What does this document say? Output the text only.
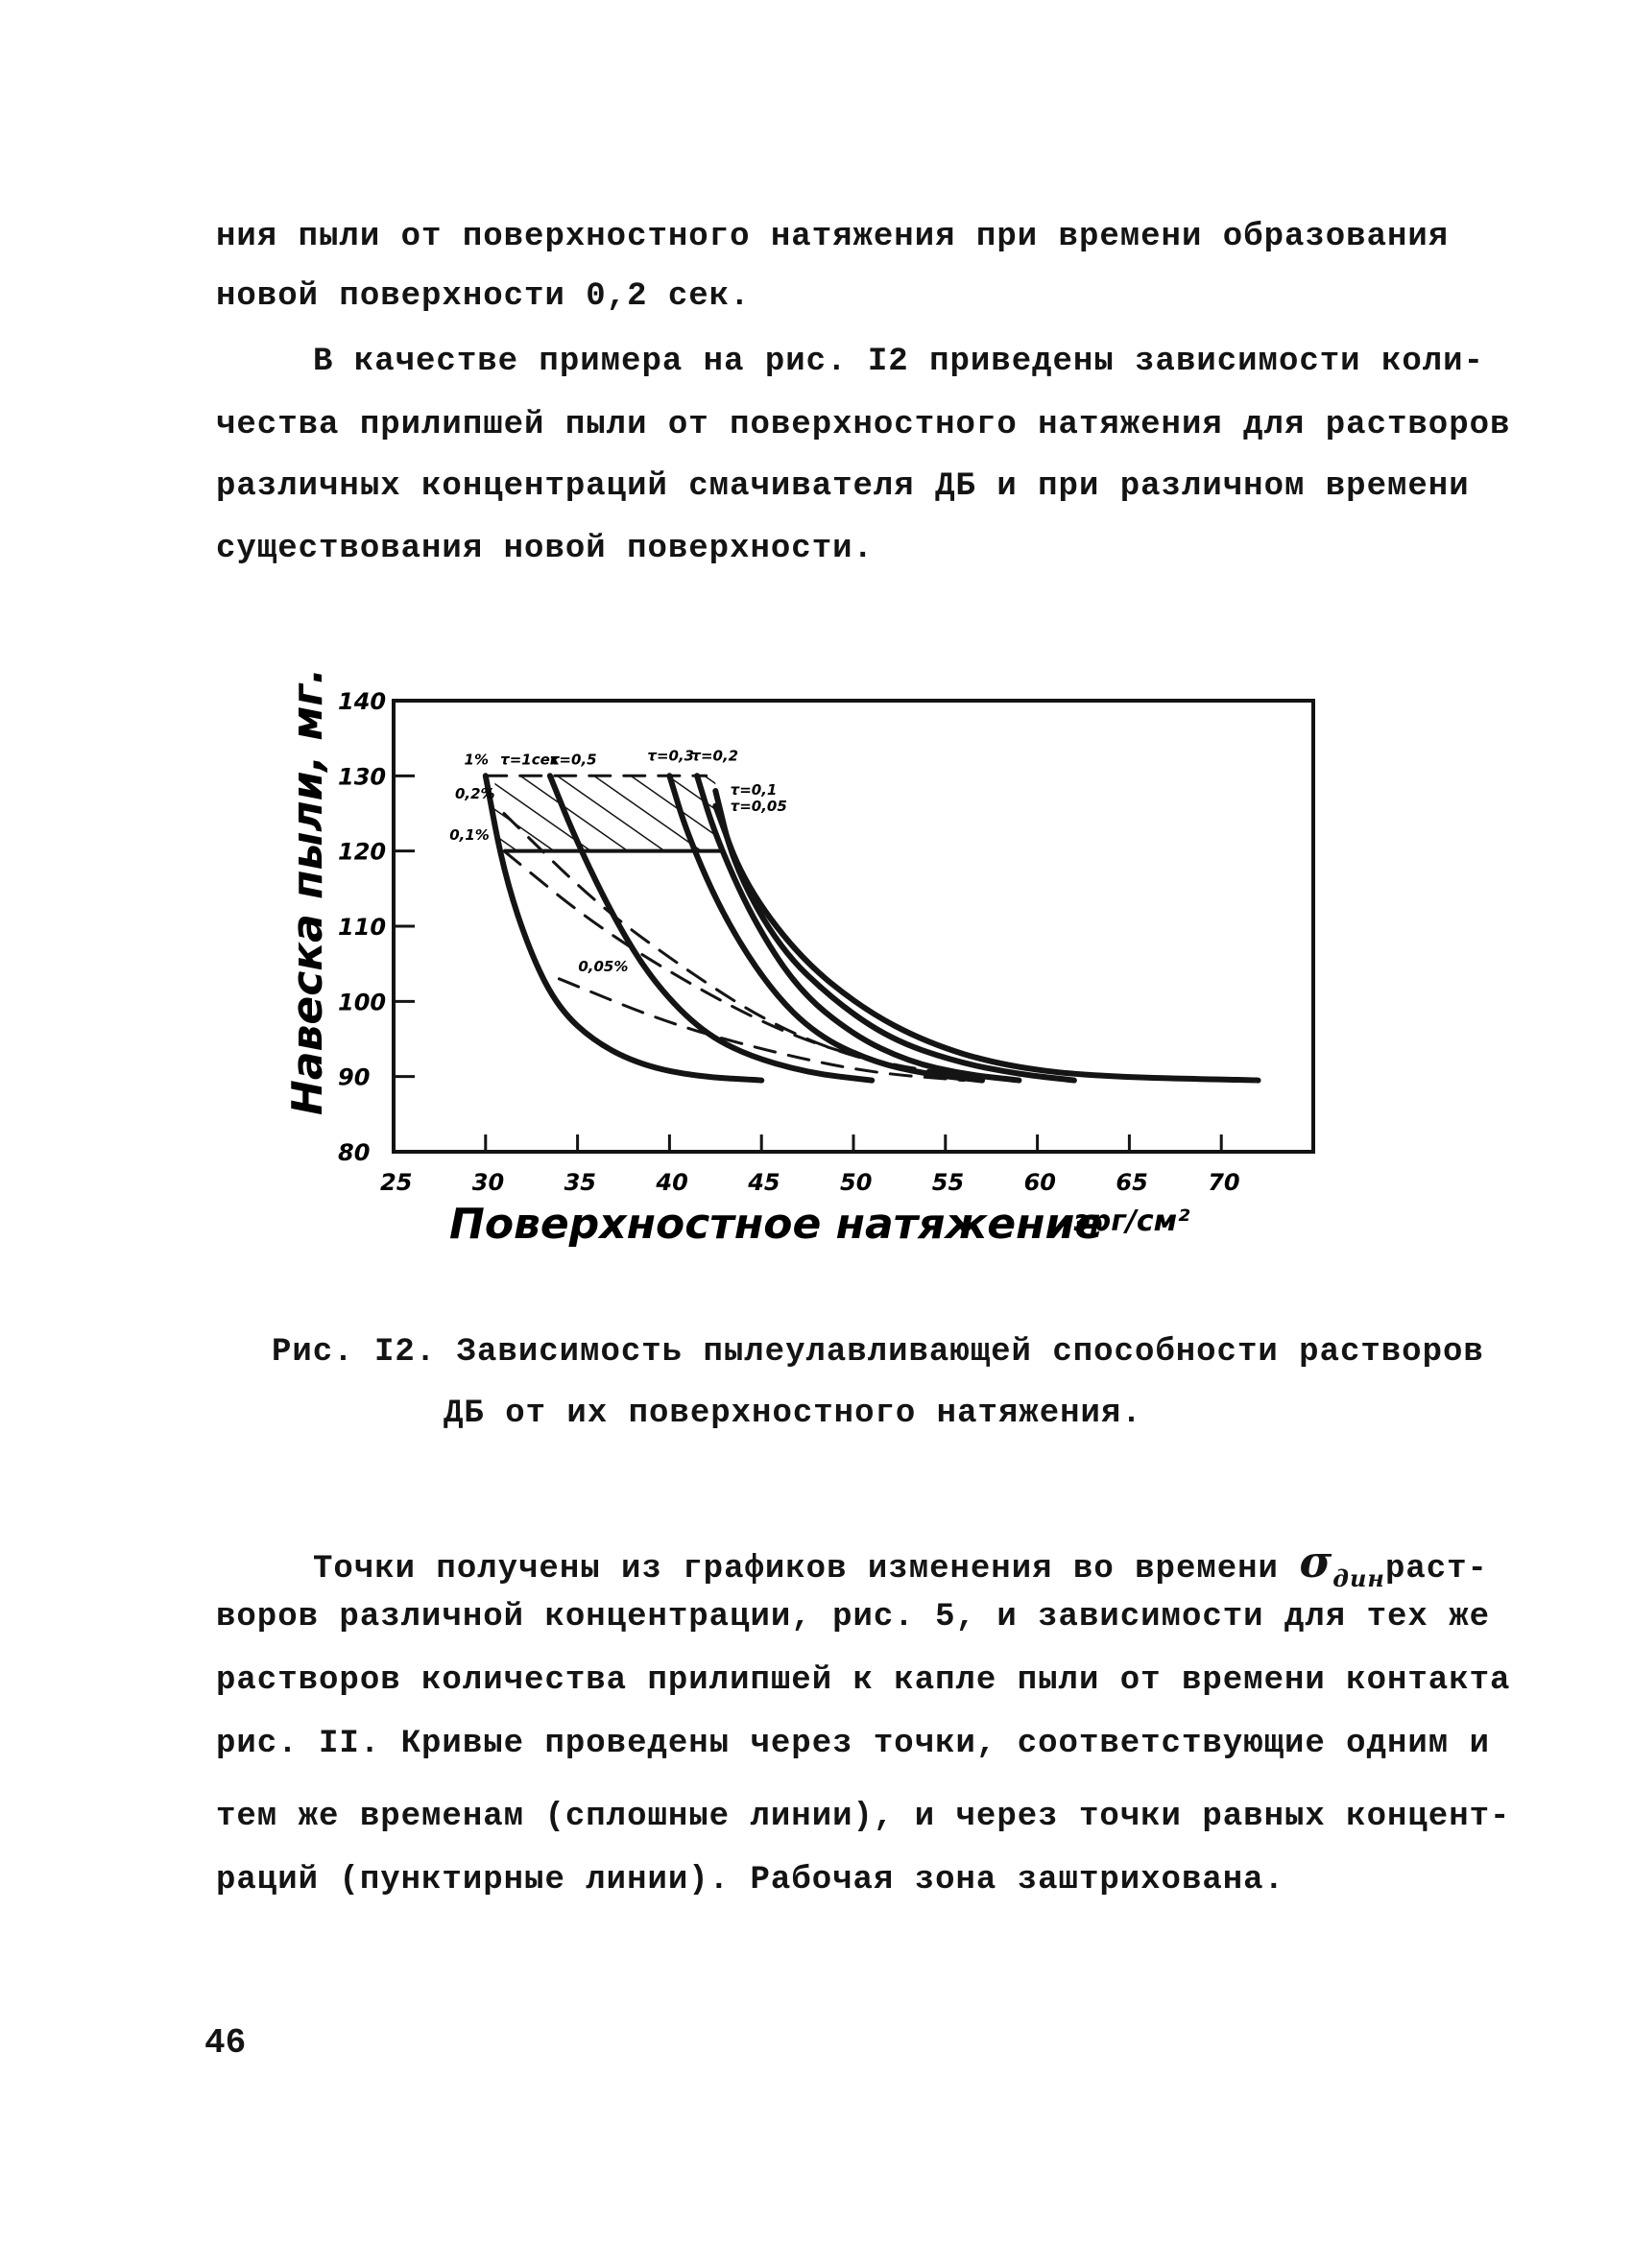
ния пыли от поверхностного натяжения при времени образования
новой поверхности 0,2 сек.
В качестве примера на рис. I2 приведены зависимости коли-
чества прилипшей пыли от поверхностного натяжения для растворов
различных концентраций смачивателя ДБ и при различном времени
существования новой поверхности.
25	30	35	40	45	50	55	60	65	70
80
90
100
110
120
130
140
1%
0,2%
0,1%
0,05%
τ=1сек
τ=0,5	τ=0,3
τ=0,2
τ=0,1
τ=0,05
Навеска пыли, мг.
Поверхностное натяжение
эрг/см²
Рис. I2. Зависимость пылеулавливающей способности растворов
ДБ от их поверхностного натяжения.
Точки получены из графиков изменения во времени $\sigma_{дин}раст-$
воров различной концентрации, рис. 5, и зависимости для тех же
растворов количества прилипшей к капле пыли от времени контакта
рис. II. Кривые проведены через точки, соответствующие одним и
тем же временам (сплошные линии), и через точки равных концент-
раций (пунктирные линии). Рабочая зона заштрихована.
46
